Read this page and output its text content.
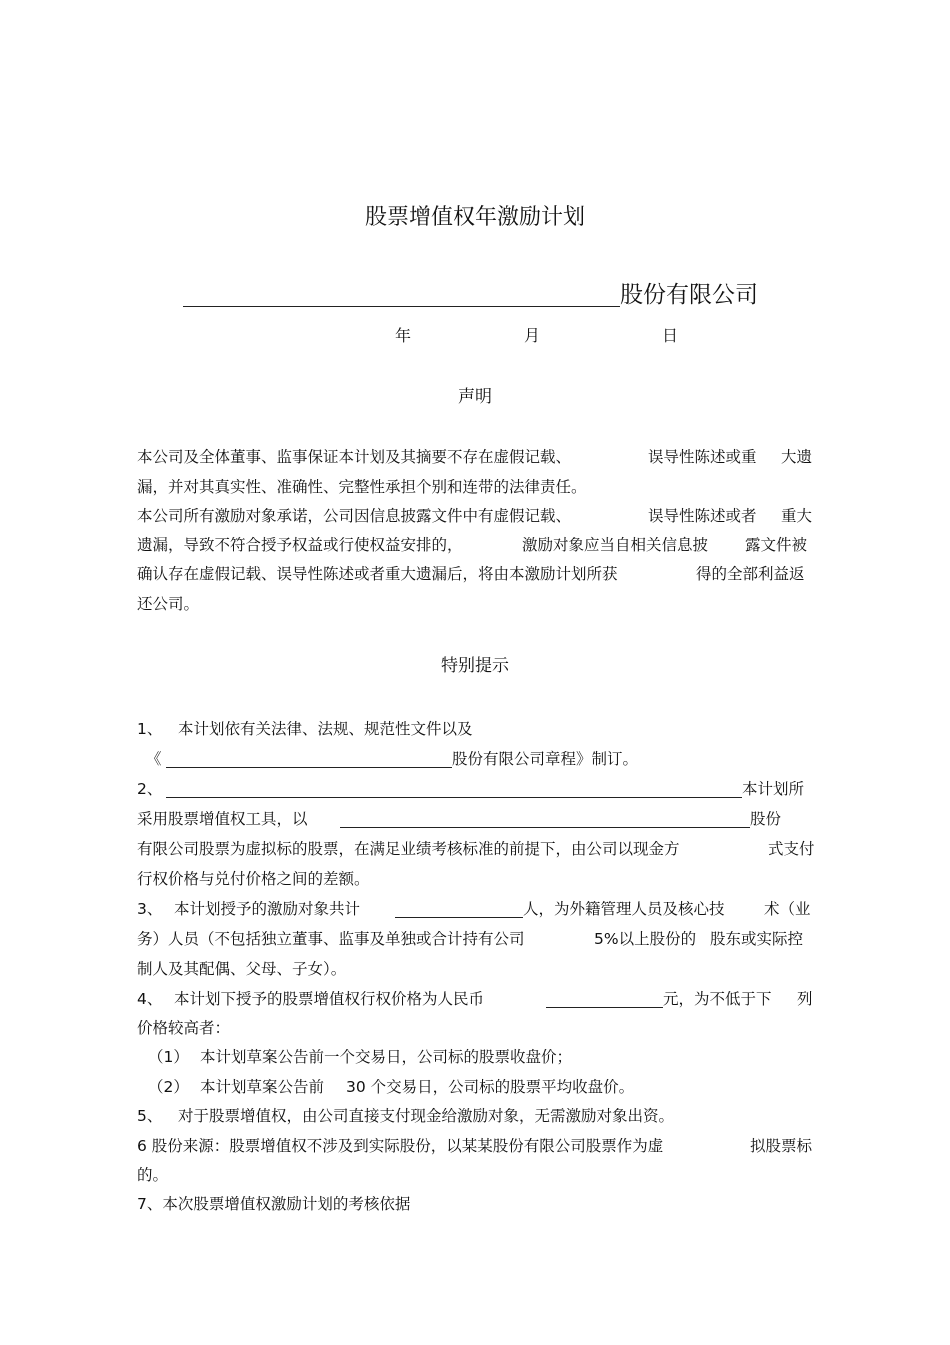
股票增值权年激励计划
股份有限公司
年	月	日
声明
本公司及全体董事、监事保证本计划及其摘要不存在虚假记载、	误导性陈述或重 大遗
漏，并对其真实性、准确性、完整性承担个别和连带的法律责任。
本公司所有激励对象承诺，公司因信息披露文件中有虚假记载、	误导性陈述或者 重大
遗漏，导致不符合授予权益或行使权益安排的，	激励对象应当自相关信息披 露文件被
确认存在虚假记载、误导性陈述或者重大遗漏后，将由本激励计划所获	得的全部利益返
还公司。
特别提示
1、 本计划依有关法律、法规、规范性文件以及
《	股份有限公司章程》制订。
2、	本计划所
采用股票增值权工具，以	股份
有限公司股票为虚拟标的股票，在满足业绩考核标准的前提下，由公司以现金方	式支付
行权价格与兑付价格之间的差额。
3、 本计划授予的激励对象共计	人，为外籍管理人员及核心技	术（业
务）人员（不包括独立董事、监事及单独或合计持有公司	5%以上股份的 股东或实际控
制人及其配偶、父母、子女）。
4、 本计划下授予的股票增值权行权价格为人民币	元，为不低于下 列
价格较高者：
（1） 本计划草案公告前一个交易日，公司标的股票收盘价；
（2） 本计划草案公告前 30 个交易日，公司标的股票平均收盘价。
5、 对于股票增值权，由公司直接支付现金给激励对象，无需激励对象出资。
6 股份来源：股票增值权不涉及到实际股份，以某某股份有限公司股票作为虚	拟股票标
的。
7、本次股票增值权激励计划的考核依据
